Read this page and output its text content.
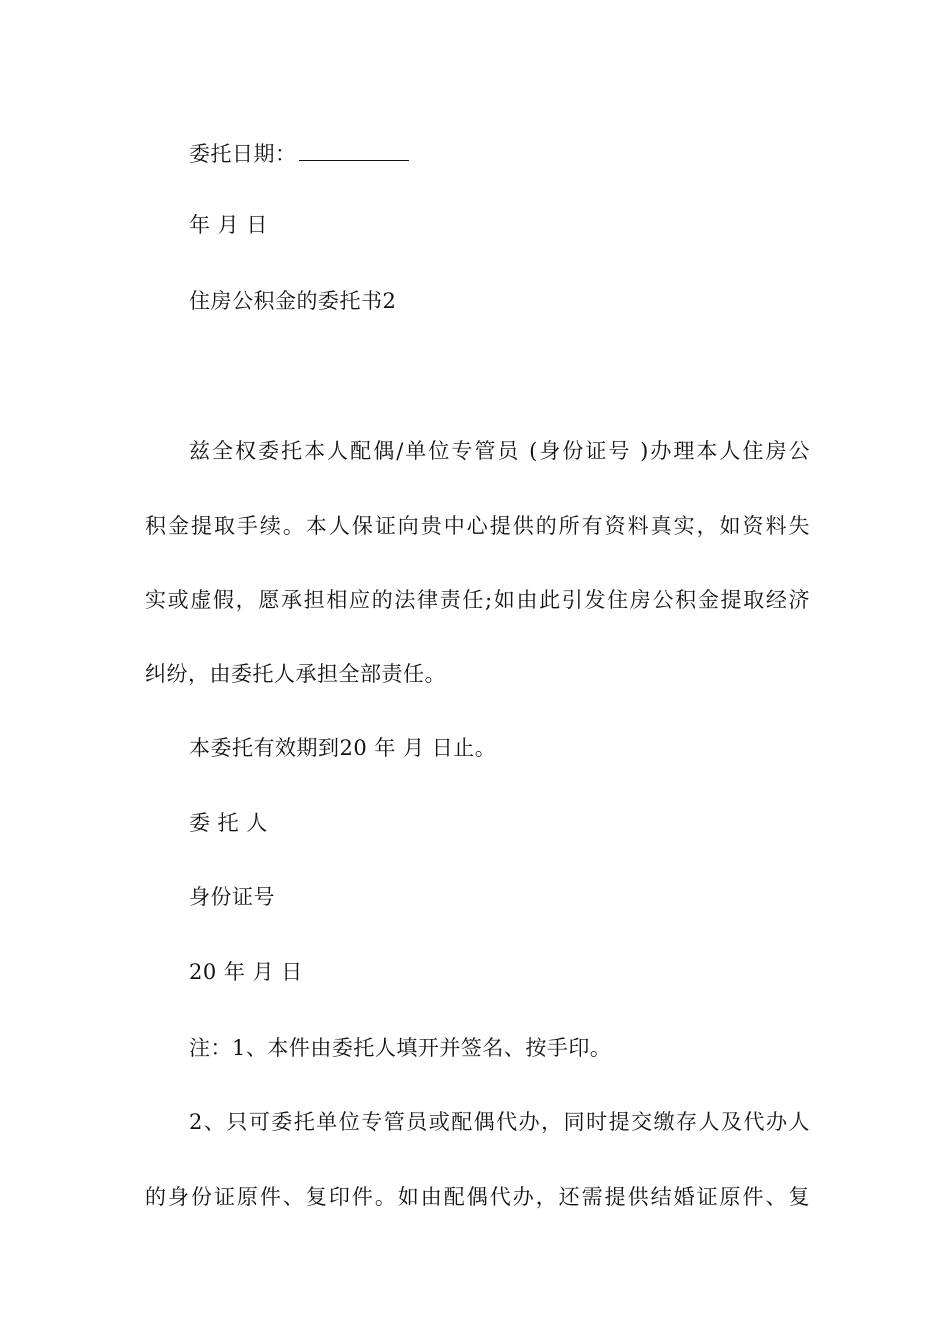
委托日期：
年 月 日
住房公积金的委托书2
兹全权委托本人配偶/单位专管员 (身份证号 )办理本人住房公
积金提取手续。本人保证向贵中心提供的所有资料真实，如资料失
实或虚假，愿承担相应的法律责任;如由此引发住房公积金提取经济
纠纷，由委托人承担全部责任。
本委托有效期到20 年 月 日止。
委 托 人
身份证号
20 年 月 日
注：1、本件由委托人填开并签名、按手印。
2、只可委托单位专管员或配偶代办，同时提交缴存人及代办人
的身份证原件、复印件。如由配偶代办，还需提供结婚证原件、复
